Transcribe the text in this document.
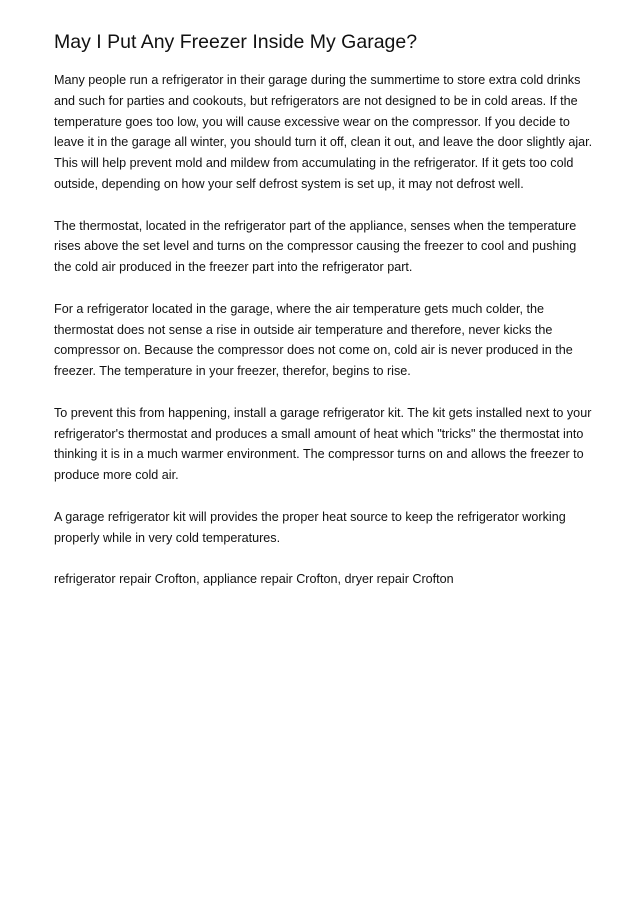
May I Put Any Freezer Inside My Garage?

Many people run a refrigerator in their garage during the summertime to store extra cold drinks and such for parties and cookouts, but refrigerators are not designed to be in cold areas. If the temperature goes too low, you will cause excessive wear on the compressor. If you decide to leave it in the garage all winter, you should turn it off, clean it out, and leave the door slightly ajar. This will help prevent mold and mildew from accumulating in the refrigerator. If it gets too cold outside, depending on how your self defrost system is set up, it may not defrost well.

The thermostat, located in the refrigerator part of the appliance, senses when the temperature rises above the set level and turns on the compressor causing the freezer to cool and pushing the cold air produced in the freezer part into the refrigerator part.

For a refrigerator located in the garage, where the air temperature gets much colder, the thermostat does not sense a rise in outside air temperature and therefore, never kicks the compressor on. Because the compressor does not come on, cold air is never produced in the freezer. The temperature in your freezer, therefor, begins to rise.

To prevent this from happening, install a garage refrigerator kit. The kit gets installed next to your refrigerator's thermostat and produces a small amount of heat which "tricks" the thermostat into thinking it is in a much warmer environment. The compressor turns on and allows the freezer to produce more cold air.

A garage refrigerator kit will provides the proper heat source to keep the refrigerator working properly while in very cold temperatures.

refrigerator repair Crofton, appliance repair Crofton, dryer repair Crofton
